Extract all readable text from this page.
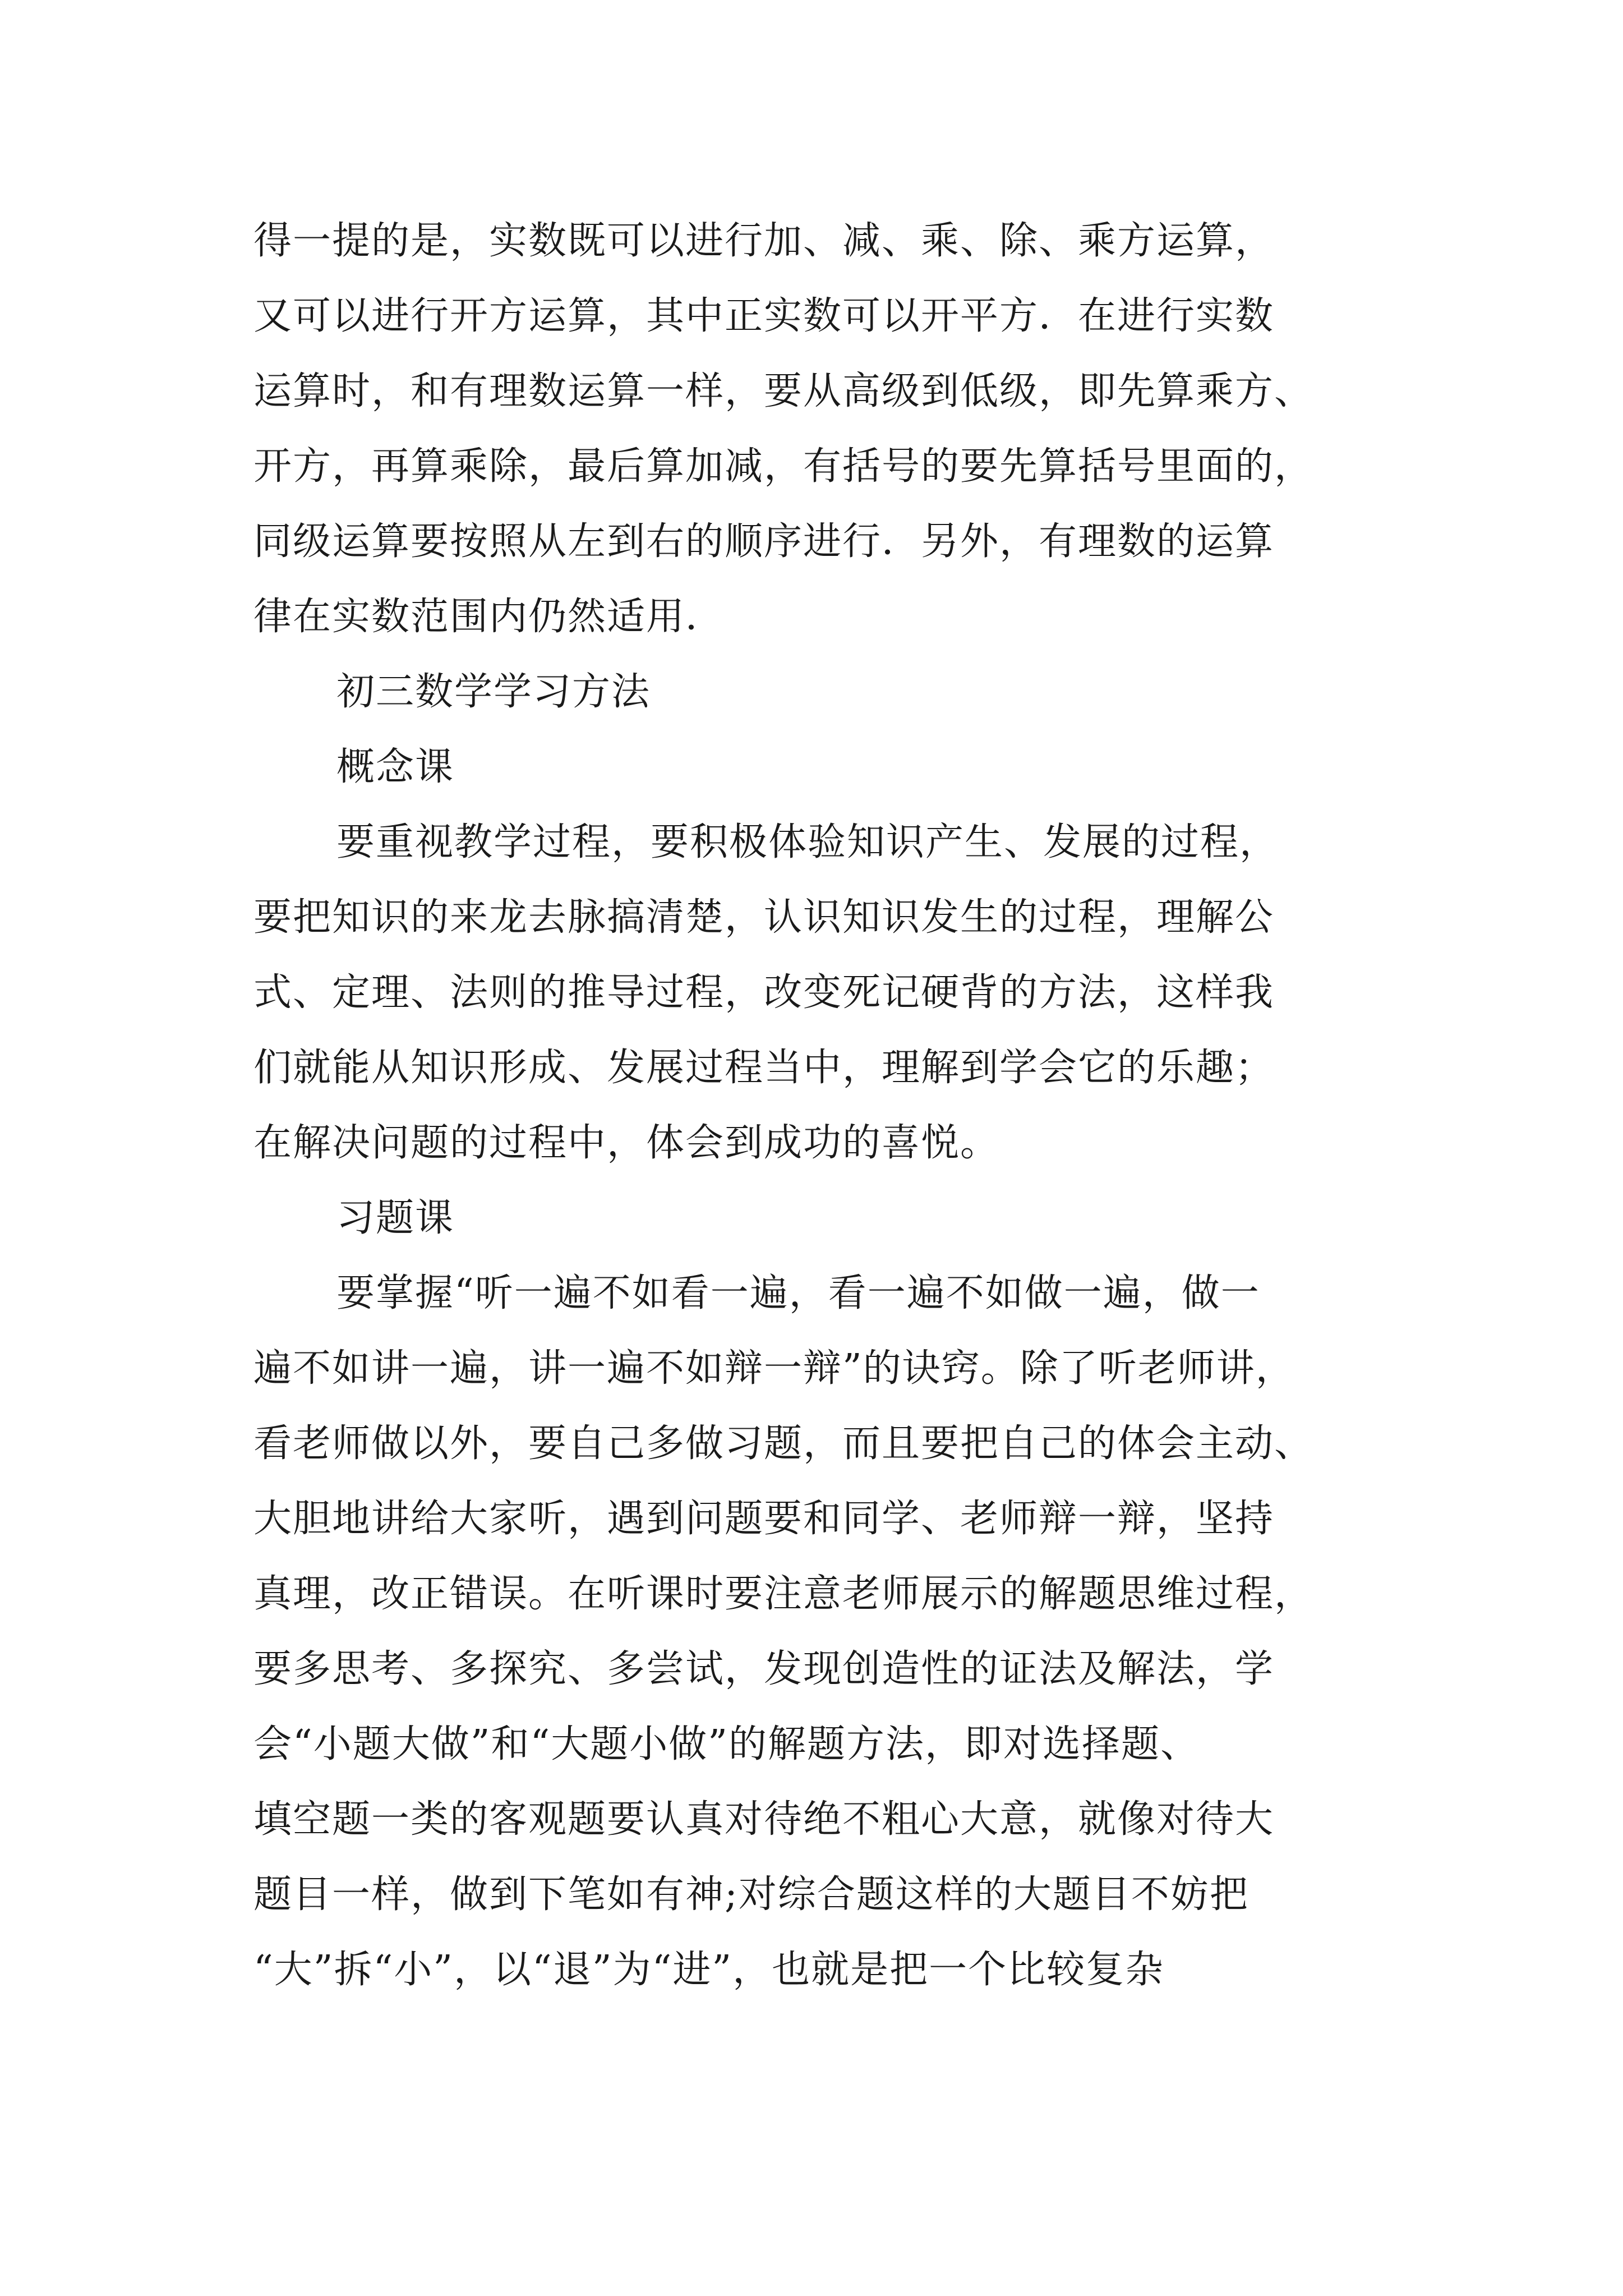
得一提的是，实数既可以进行加、减、乘、除、乘方运算，
又可以进行开方运算，其中正实数可以开平方．在进行实数
运算时，和有理数运算一样，要从高级到低级，即先算乘方、
开方，再算乘除，最后算加减，有括号的要先算括号里面的，
同级运算要按照从左到右的顺序进行．另外，有理数的运算
律在实数范围内仍然适用．
初三数学学习方法
概念课
要重视教学过程，要积极体验知识产生、发展的过程，
要把知识的来龙去脉搞清楚，认识知识发生的过程，理解公
式、定理、法则的推导过程，改变死记硬背的方法，这样我
们就能从知识形成、发展过程当中，理解到学会它的乐趣；
在解决问题的过程中，体会到成功的喜悦。
习题课
要掌握“听一遍不如看一遍，看一遍不如做一遍，做一
遍不如讲一遍，讲一遍不如辩一辩”的诀窍。除了听老师讲，
看老师做以外，要自己多做习题，而且要把自己的体会主动、
大胆地讲给大家听，遇到问题要和同学、老师辩一辩，坚持
真理，改正错误。在听课时要注意老师展示的解题思维过程，
要多思考、多探究、多尝试，发现创造性的证法及解法，学
会“小题大做”和“大题小做”的解题方法，即对选择题、
填空题一类的客观题要认真对待绝不粗心大意，就像对待大
题目一样，做到下笔如有神;对综合题这样的大题目不妨把
“大”拆“小”，以“退”为“进”，也就是把一个比较复杂
